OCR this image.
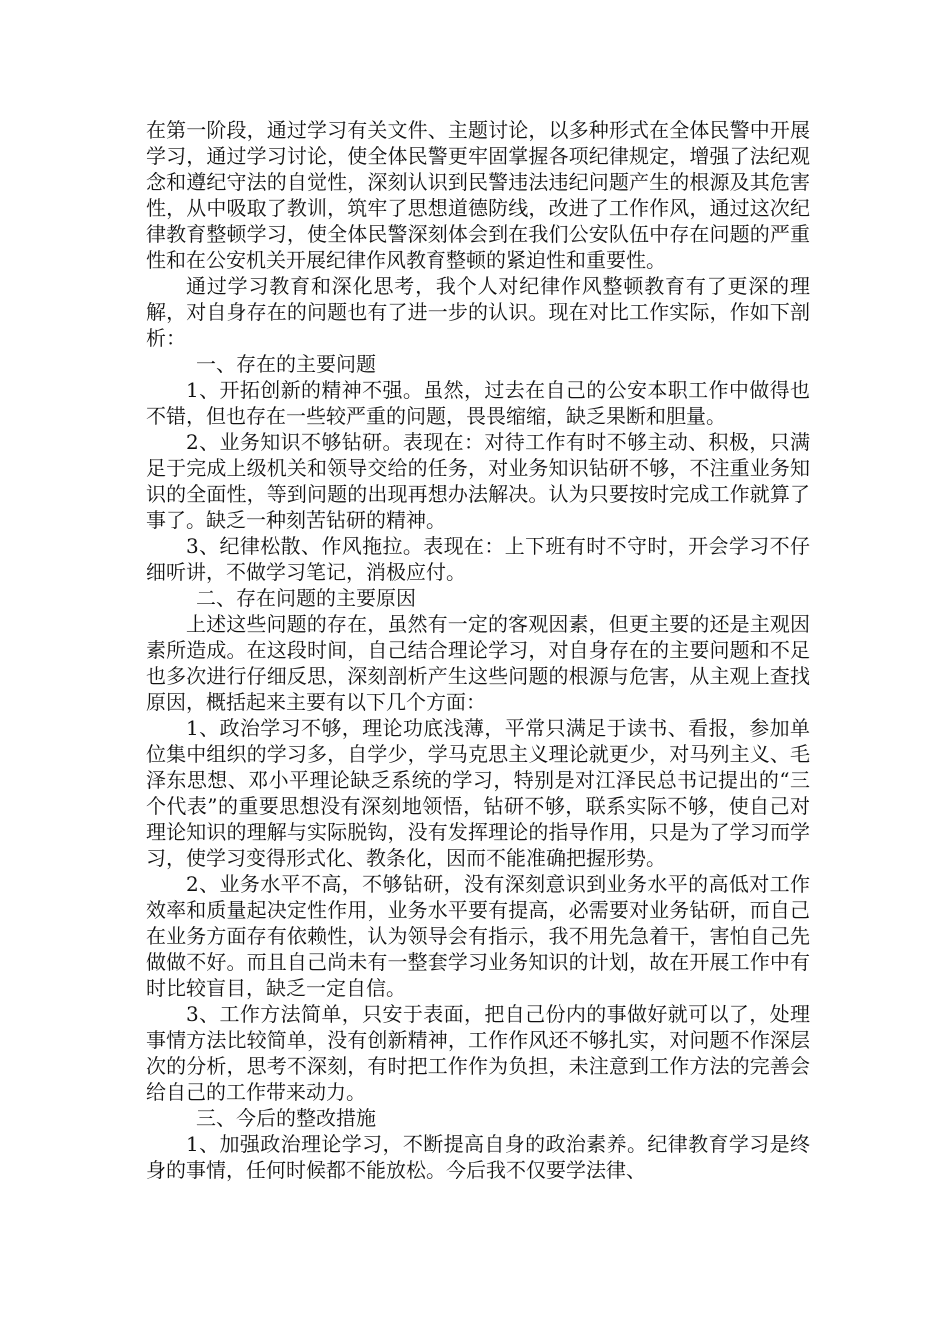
在第一阶段，通过学习有关文件、主题讨论，以多种形式在全体民警中开展学习，通过学习讨论，使全体民警更牢固掌握各项纪律规定，增强了法纪观念和遵纪守法的自觉性，深刻认识到民警违法违纪问题产生的根源及其危害性，从中吸取了教训，筑牢了思想道德防线，改进了工作作风，通过这次纪律教育整顿学习，使全体民警深刻体会到在我们公安队伍中存在问题的严重性和在公安机关开展纪律作风教育整顿的紧迫性和重要性。

通过学习教育和深化思考，我个人对纪律作风整顿教育有了更深的理解，对自身存在的问题也有了进一步的认识。现在对比工作实际，作如下剖析：

一、存在的主要问题

1、开拓创新的精神不强。虽然，过去在自己的公安本职工作中做得也不错，但也存在一些较严重的问题，畏畏缩缩，缺乏果断和胆量。

2、业务知识不够钻研。表现在：对待工作有时不够主动、积极，只满足于完成上级机关和领导交给的任务，对业务知识钻研不够，不注重业务知识的全面性，等到问题的出现再想办法解决。认为只要按时完成工作就算了事了。缺乏一种刻苦钻研的精神。

3、纪律松散、作风拖拉。表现在：上下班有时不守时，开会学习不仔细听讲，不做学习笔记，消极应付。

二、存在问题的主要原因

上述这些问题的存在，虽然有一定的客观因素，但更主要的还是主观因素所造成。在这段时间，自己结合理论学习，对自身存在的主要问题和不足也多次进行仔细反思，深刻剖析产生这些问题的根源与危害，从主观上查找原因，概括起来主要有以下几个方面：

1、政治学习不够，理论功底浅薄，平常只满足于读书、看报，参加单位集中组织的学习多，自学少，学马克思主义理论就更少，对马列主义、毛泽东思想、邓小平理论缺乏系统的学习，特别是对江泽民总书记提出的“三个代表”的重要思想没有深刻地领悟，钻研不够，联系实际不够，使自己对理论知识的理解与实际脱钩，没有发挥理论的指导作用，只是为了学习而学习，使学习变得形式化、教条化，因而不能准确把握形势。

2、业务水平不高，不够钻研，没有深刻意识到业务水平的高低对工作效率和质量起决定性作用，业务水平要有提高，必需要对业务钻研，而自己在业务方面存有依赖性，认为领导会有指示，我不用先急着干，害怕自己先做做不好。而且自己尚未有一整套学习业务知识的计划，故在开展工作中有时比较盲目，缺乏一定自信。

3、工作方法简单，只安于表面，把自己份内的事做好就可以了，处理事情方法比较简单，没有创新精神，工作作风还不够扎实，对问题不作深层次的分析，思考不深刻，有时把工作作为负担，未注意到工作方法的完善会给自己的工作带来动力。

三、今后的整改措施

1、加强政治理论学习，不断提高自身的政治素养。纪律教育学习是终身的事情，任何时候都不能放松。今后我不仅要学法律、
